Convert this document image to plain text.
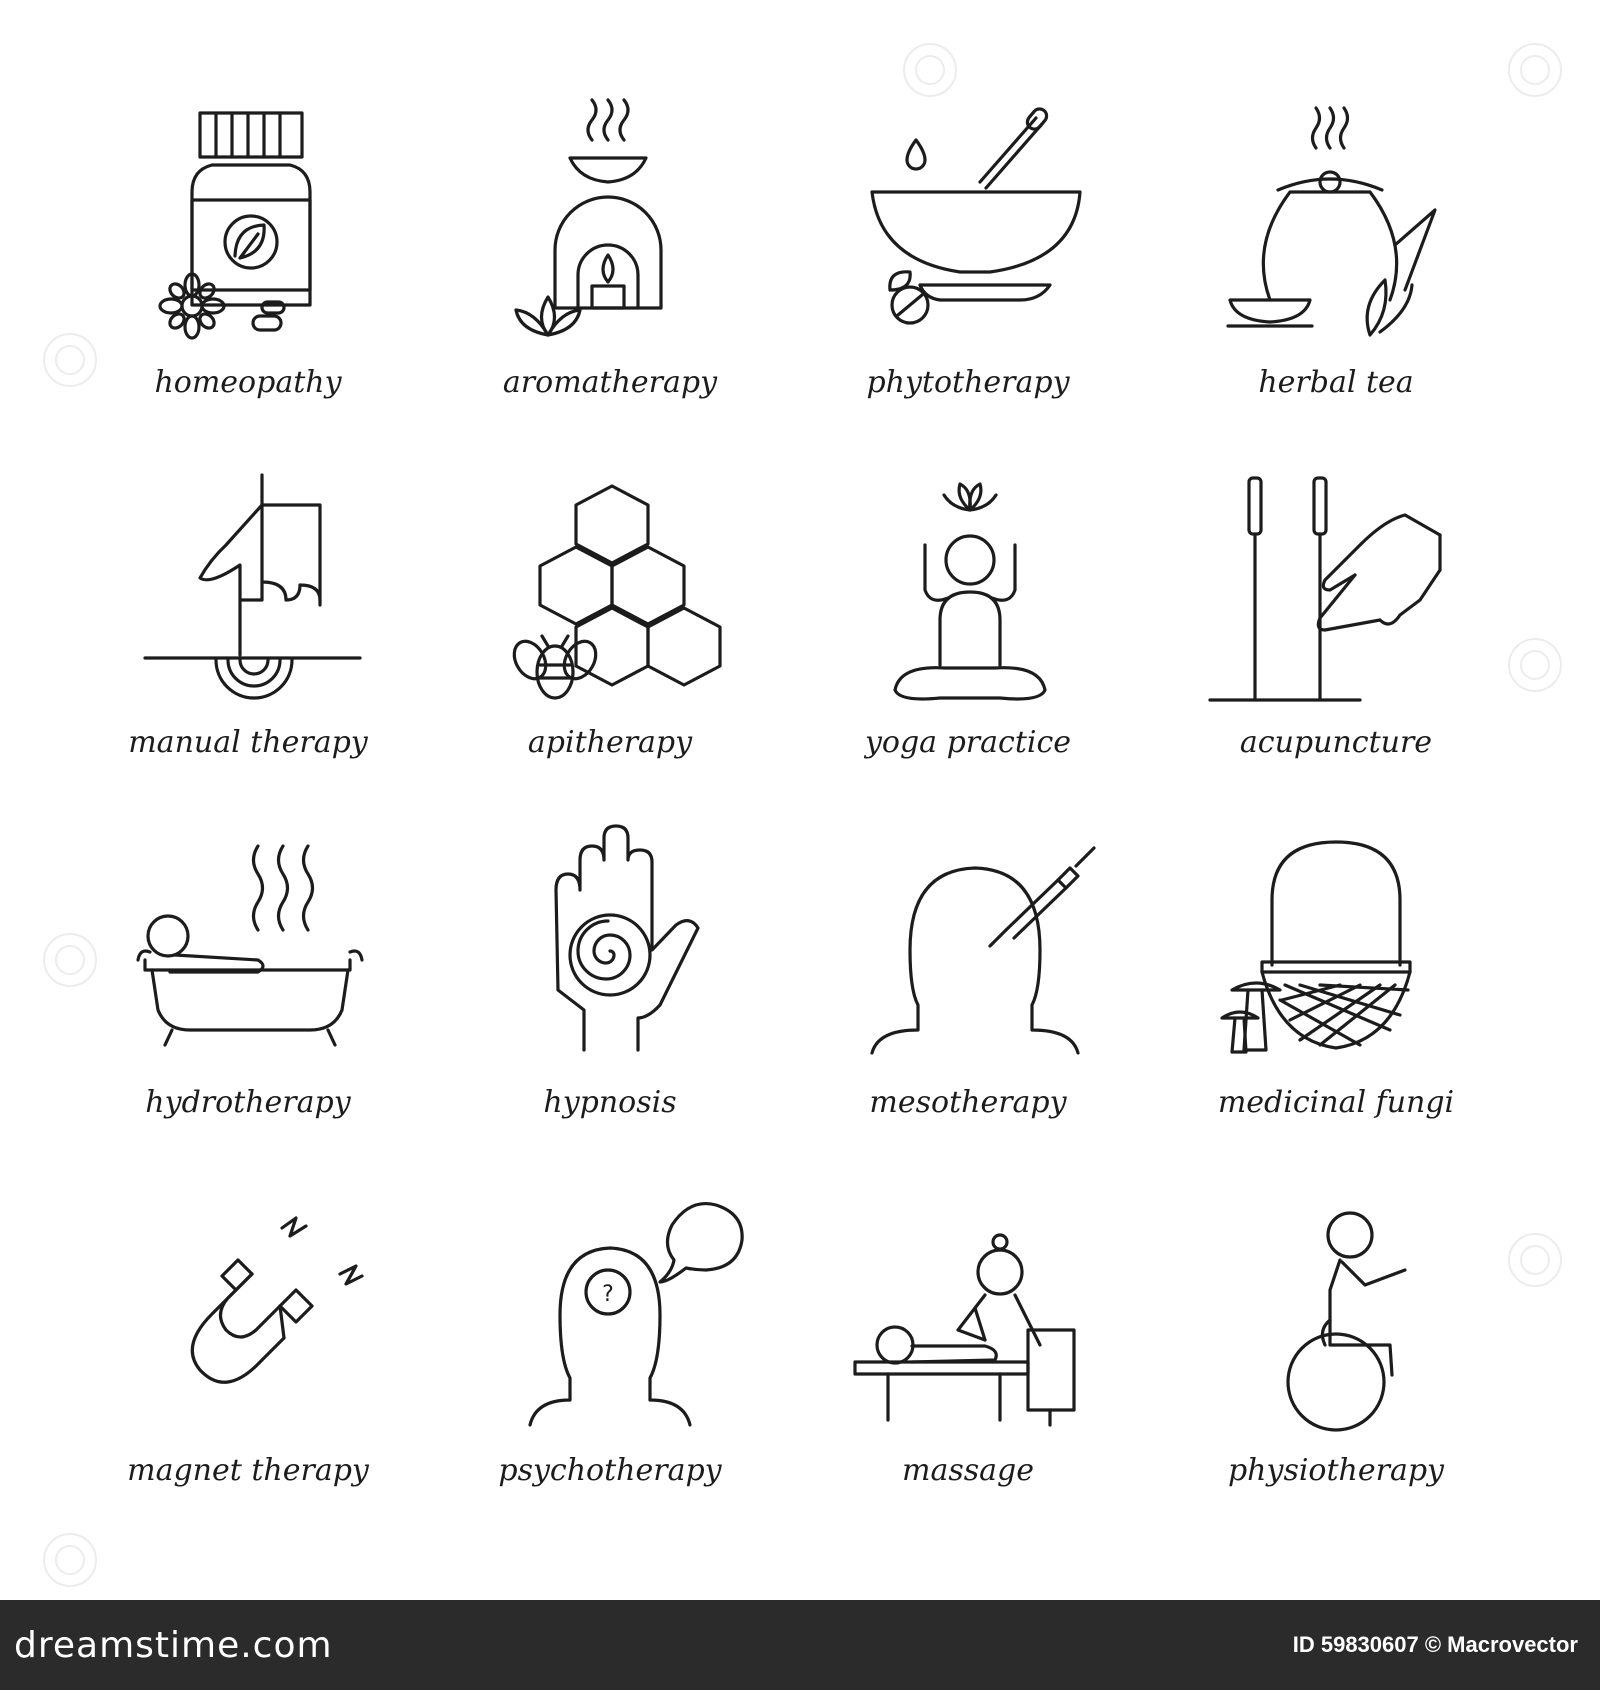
homeopathy	aromatherapy	phytotherapy	herbal tea
manual therapy	apitherapy	yoga practice	acupuncture
hydrotherapy	hypnosis	mesotherapy	medicinal fungi
magnet therapy
?
psychotherapy	massage	physiotherapy
dreamstime.com	ID 59830607 © Macrovector
